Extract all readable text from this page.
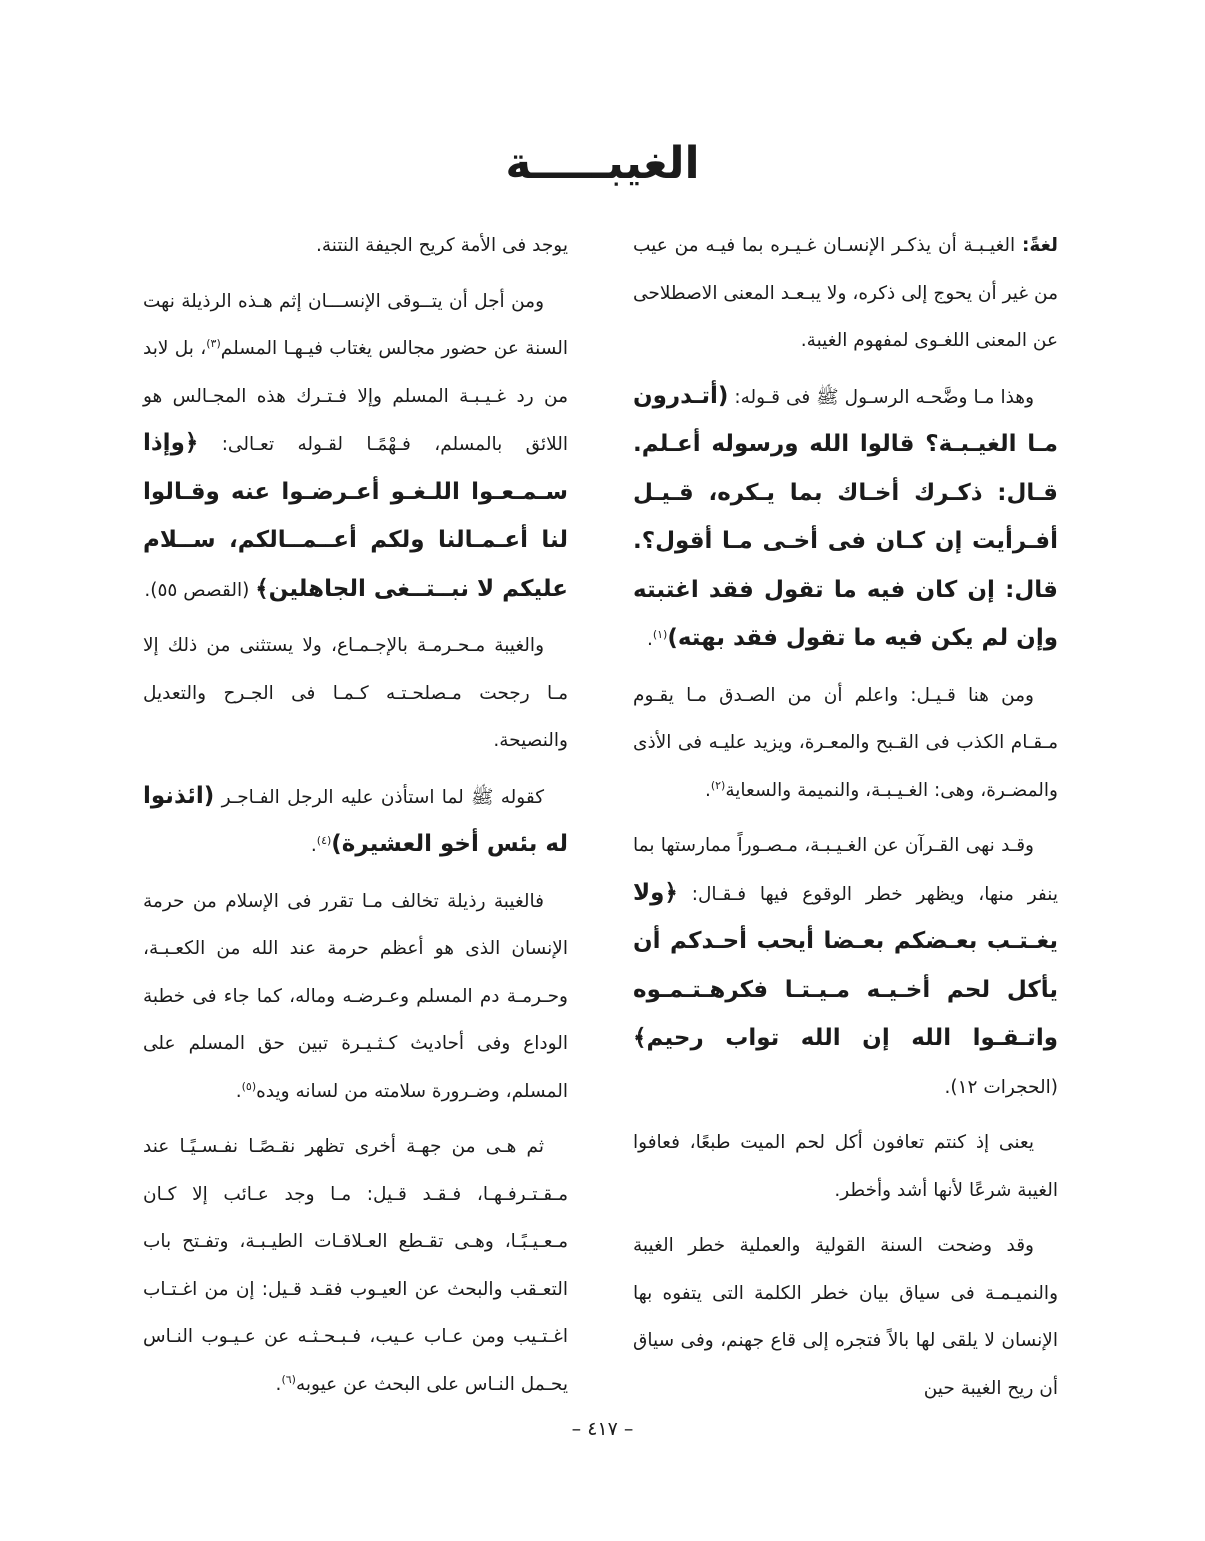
الغيبـــــة

لغةً: الغيـبـة أن يذكـر الإنسـان غـيـره بما فيـه من عيب من غير أن يحوج إلى ذكره، ولا يبـعـد المعنى الاصطلاحى عن المعنى اللغـوى لمفهوم الغيبة.

وهذا مـا وضَّحـه الرسـول ﷺ فى قـوله: (أتـدرون مـا الغيـبـة؟ قالوا الله ورسوله أعـلم. قـال: ذكـرك أخـاك بما يـكره، قـيـل أفـرأيت إن كـان فى أخـى مـا أقول؟. قال: إن كان فيه ما تقول فقد اغتبته وإن لم يكن فيه ما تقول فقد بهته)$^{(١)}$.

ومن هنا قـيـل: واعلم أن من الصـدق مـا يقـوم مـقـام الكذب فى القـبح والمعـرة، ويزيد عليـه فى الأذى والمضـرة، وهى: الغـيـبـة، والنميمة والسعاية$^{(٢)}$.

وقـد نهى القـرآن عن الغـيـبـة، مـصـوراً ممارستها بما ينفر منها، ويظهر خطر الوقوع فيها فـقـال: ﴿ولا يغـتـب بعـضكم بعـضا أيحب أحـدكم أن يأكل لحم أخـيـه مـيـتـا فكرهـتـمـوه واتـقـوا الله إن الله تواب رحيم﴾ (الحجرات ١٢).

يعنى إذ كنتم تعافون أكل لحم الميت طبعًا، فعافوا الغيبة شرعًا لأنها أشد وأخطر.

وقد وضحت السنة القولية والعملية خطر الغيبة والنميـمـة فى سياق بيان خطر الكلمة التى يتفوه بها الإنسان لا يلقى لها بالاً فتجره إلى قاع جهنم، وفى سياق أن ريح الغيبة حين

يوجد فى الأمة كريح الجيفة النتنة.

ومن أجل أن يتــوقى الإنســـان إثم هـذه الرذيلة نهت السنة عن حضور مجالس يغتاب فيـهـا المسلم$^{(٣)}$، بل لابد من رد غـيـبـة المسلم وإلا فـتـرك هذه المجـالس هو اللائق بالمسلم، فـهْمًـا لقـوله تعـالى: ﴿وإذا سـمـعـوا اللـغـو أعـرضـوا عنه وقـالوا لنا أعـمـالنا ولكم أعــمــالكم، ســلام عليكم لا نبــتــغى الجاهلين﴾ (القصص ٥٥).

والغيبة مـحـرمـة بالإجـمـاع، ولا يستثنى من ذلك إلا مـا رجحت مـصلحـتـه كـمـا فى الجـرح والتعديل والنصيحة.

كقوله ﷺ لما استأذن عليه الرجل الفـاجـر (ائذنوا له بئس أخو العشيرة)$^{(٤)}$.

فالغيبة رذيلة تخالف مـا تقرر فى الإسلام من حرمة الإنسان الذى هو أعظم حرمة عند الله من الكعـبـة، وحـرمـة دم المسلم وعـرضـه وماله، كما جاء فى خطبة الوداع وفى أحاديث كـثـيـرة تبين حق المسلم على المسلم، وضـرورة سلامته من لسانه ويده$^{(٥)}$.

ثم هـى من جهـة أخرى تظهر نقـصًـا نفـسـيًـا عند مـقـتـرفـهـا، فـقـد قـيل: مـا وجد عـائب إلا كـان مـعـيـبًـا، وهـى تقـطع العـلاقـات الطيـبـة، وتفـتح باب التعـقب والبحث عن العيـوب فقـد قـيل: إن من اغـتـاب اغـتـيب ومن عـاب عـيب، فـبـحـثـه عن عـيـوب النـاس يحـمل النـاس على البحث عن عيوبه$^{(٦)}$.

– ٤١٧ –
